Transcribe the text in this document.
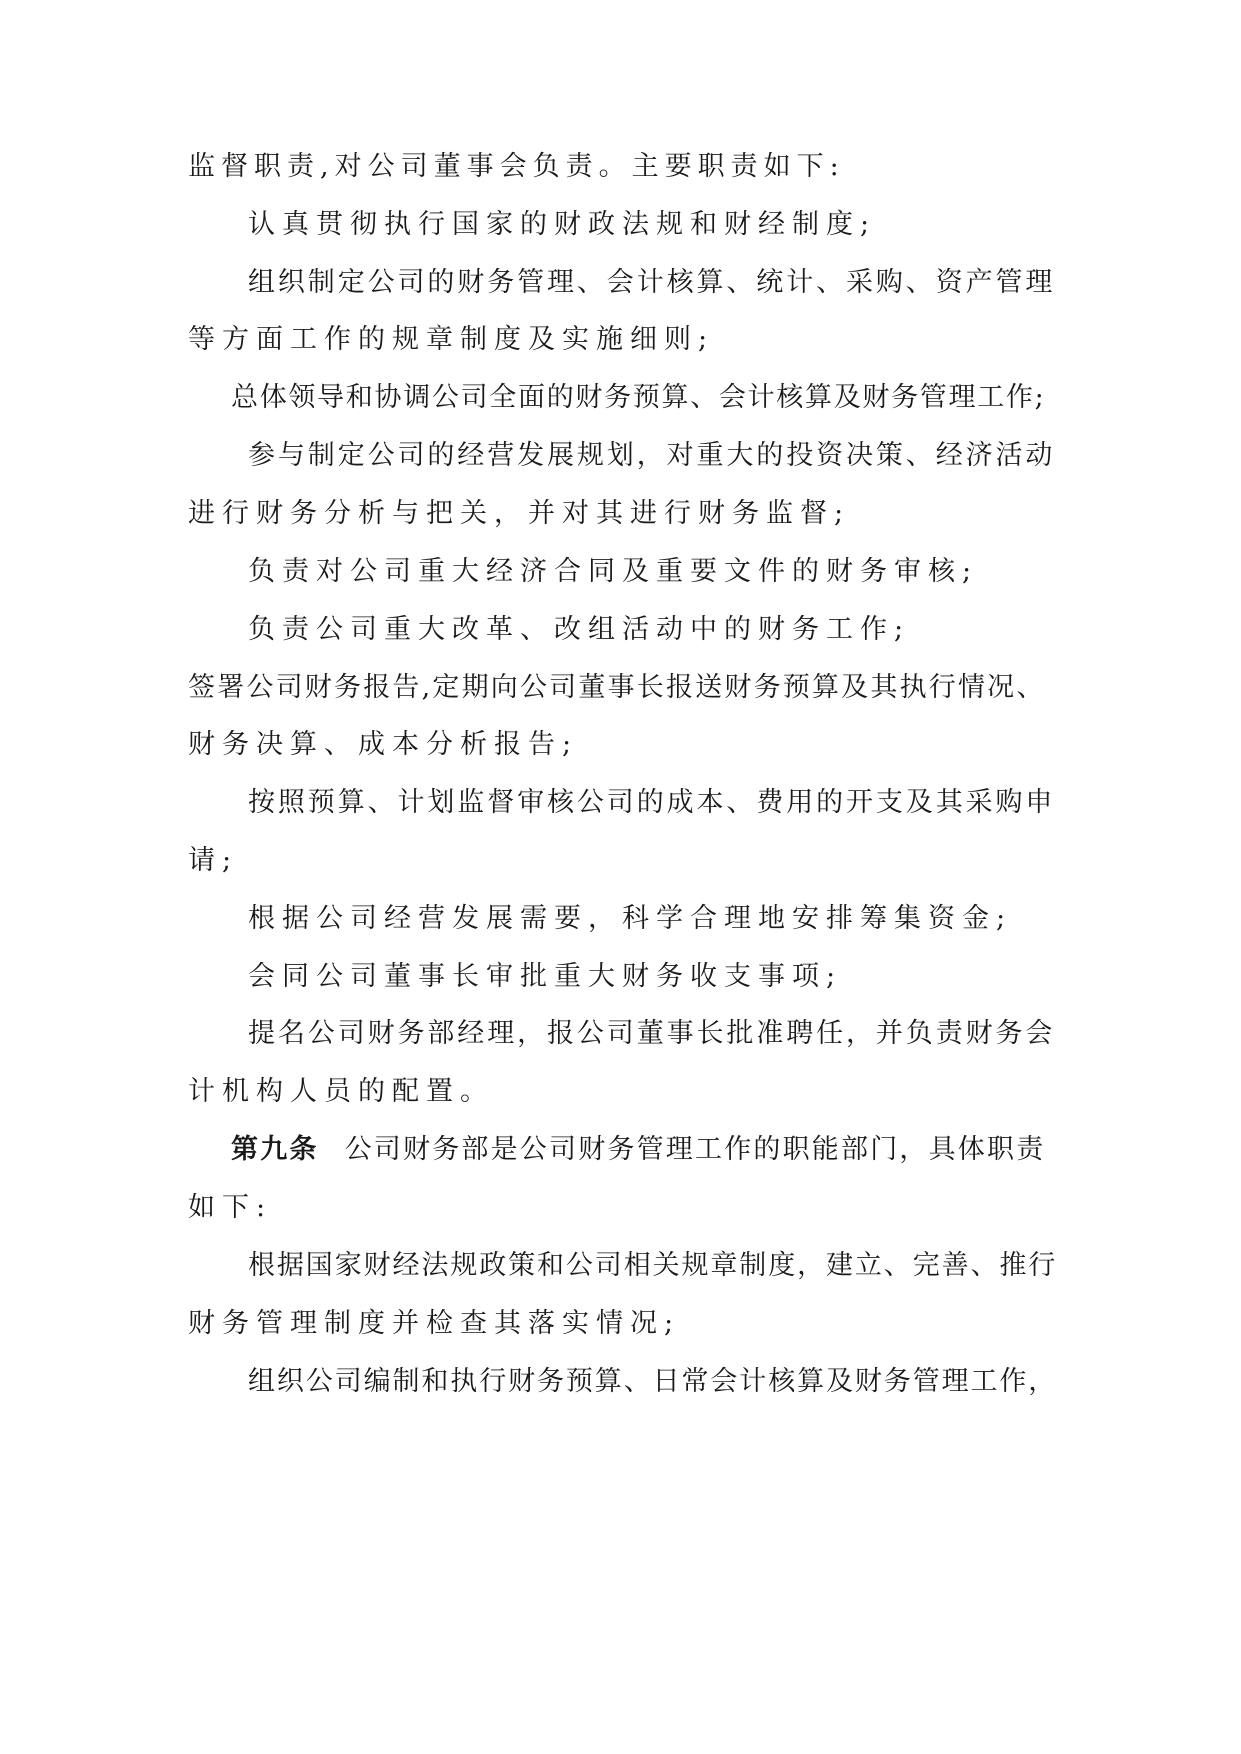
监督职责,对公司董事会负责。主要职责如下:
认真贯彻执行国家的财政法规和财经制度;
组织制定公司的财务管理、会计核算、统计、采购、资产管理
等方面工作的规章制度及实施细则;
总体领导和协调公司全面的财务预算、会计核算及财务管理工作;
参与制定公司的经营发展规划，对重大的投资决策、经济活动
进行财务分析与把关，并对其进行财务监督;
负责对公司重大经济合同及重要文件的财务审核;
负责公司重大改革、改组活动中的财务工作;
签署公司财务报告,定期向公司董事长报送财务预算及其执行情况、
财务决算、成本分析报告;
按照预算、计划监督审核公司的成本、费用的开支及其采购申
请;
根据公司经营发展需要，科学合理地安排筹集资金;
会同公司董事长审批重大财务收支事项;
提名公司财务部经理，报公司董事长批准聘任，并负责财务会
计机构人员的配置。
第九条 公司财务部是公司财务管理工作的职能部门，具体职责
如下:
根据国家财经法规政策和公司相关规章制度，建立、完善、推行
财务管理制度并检查其落实情况;
组织公司编制和执行财务预算、日常会计核算及财务管理工作，
